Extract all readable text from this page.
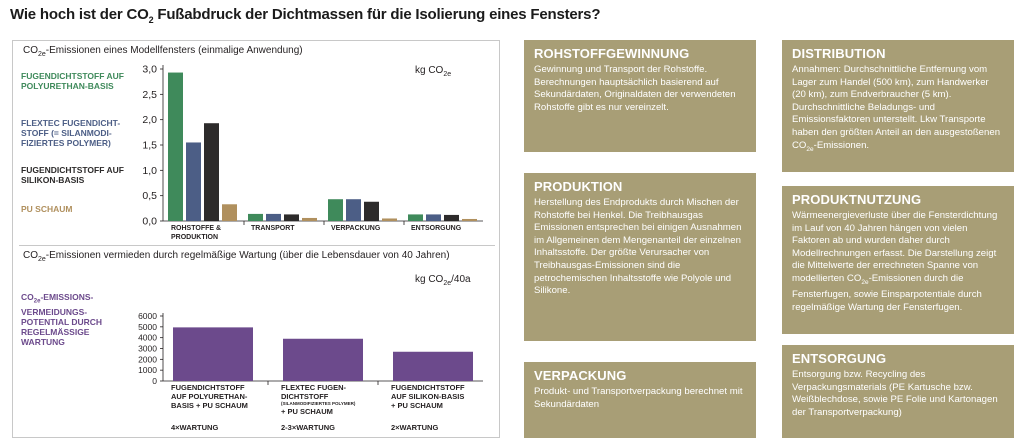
Wie hoch ist der $CO_2$ Fußabdruck der Dichtmassen für die Isolierung eines Fensters?
$CO_{2e}$-Emissionen eines Modellfensters (einmalige Anwendung)
kg $CO_{2e}$
FUGENDICHTSTOFF AUF POLYURETHAN-BASIS
FLEXTEC FUGENDICHT-STOFF (= SILANMODI-FIZIERTES POLYMER)
FUGENDICHTSTOFF AUF SILIKON-BASIS
PU SCHAUM
3,0
2,5
2,0
1,5
1,0
0,5
0,0
ROHSTOFFE & PRODUKTION
TRANSPORT	VERPACKUNG	ENTSORGUNG
$CO_{2e}$-Emissionen vermieden durch regelmäßige Wartung (über die Lebensdauer von 40 Jahren)
kg $CO_{2e}/40a$
$CO_{2e}-EMISSIONS-VERMEIDUNGS$-POTENTIAL DURCH REGELMÄSSIGE WARTUNG
6000
5000
4000
3000
2000
1000
0
FUGENDICHTSTOFF
AUF POLYURETHAN-
BASIS + PU SCHAUM
4×WARTUNG
FLEXTEC FUGEN-
DICHTSTOFF
(SILANMODIFIZIERTES POLYMER)
+ PU SCHAUM
2-3×WARTUNG
FUGENDICHTSTOFF
AUF SILIKON-BASIS
+ PU SCHAUM
2×WARTUNG
ROHSTOFFGEWINNUNG

Gewinnung und Transport der Rohstoffe. Berechnungen hauptsächlich basierend auf Sekundärdaten, Originaldaten der verwendeten Rohstoffe gibt es nur vereinzelt.

PRODUKTION

Herstellung des Endprodukts durch Mischen der Rohstoffe bei Henkel. Die Treibhausgas Emissionen entsprechen bei einigen Ausnahmen im Allgemeinen dem Mengenanteil der einzelnen Inhaltsstoffe. Der größte Verursacher von Treibhausgas-Emissionen sind die petrochemischen Inhaltsstoffe wie Polyole und Silikone.

VERPACKUNG

Produkt- und Transportverpackung berechnet mit Sekundärdaten

DISTRIBUTION

Annahmen: Durchschnittliche Entfernung vom Lager zum Handel (500 km), zum Handwerker (20 km), zum Endverbraucher (5 km). Durchschnittliche Beladungs- und Emissionsfaktoren unterstellt. Lkw Transporte haben den größten Anteil an den ausgestoßenen $CO_{2e}$-Emissionen.

PRODUKTNUTZUNG

Wärmeenergieverluste über die Fensterdichtung im Lauf von 40 Jahren hängen von vielen Faktoren ab und wurden daher durch Modellrechnungen erfasst. Die Darstellung zeigt die Mittelwerte der errechneten Spanne von modellierten $CO_{2e}$-Emissionen durch die Fensterfugen, sowie Einsparpotentiale durch regelmäßige Wartung der Fensterfugen.

ENTSORGUNG

Entsorgung bzw. Recycling des Verpackungsmaterials (PE Kartusche bzw. Weißblechdose, sowie PE Folie und Kartonagen der Transportverpackung)
